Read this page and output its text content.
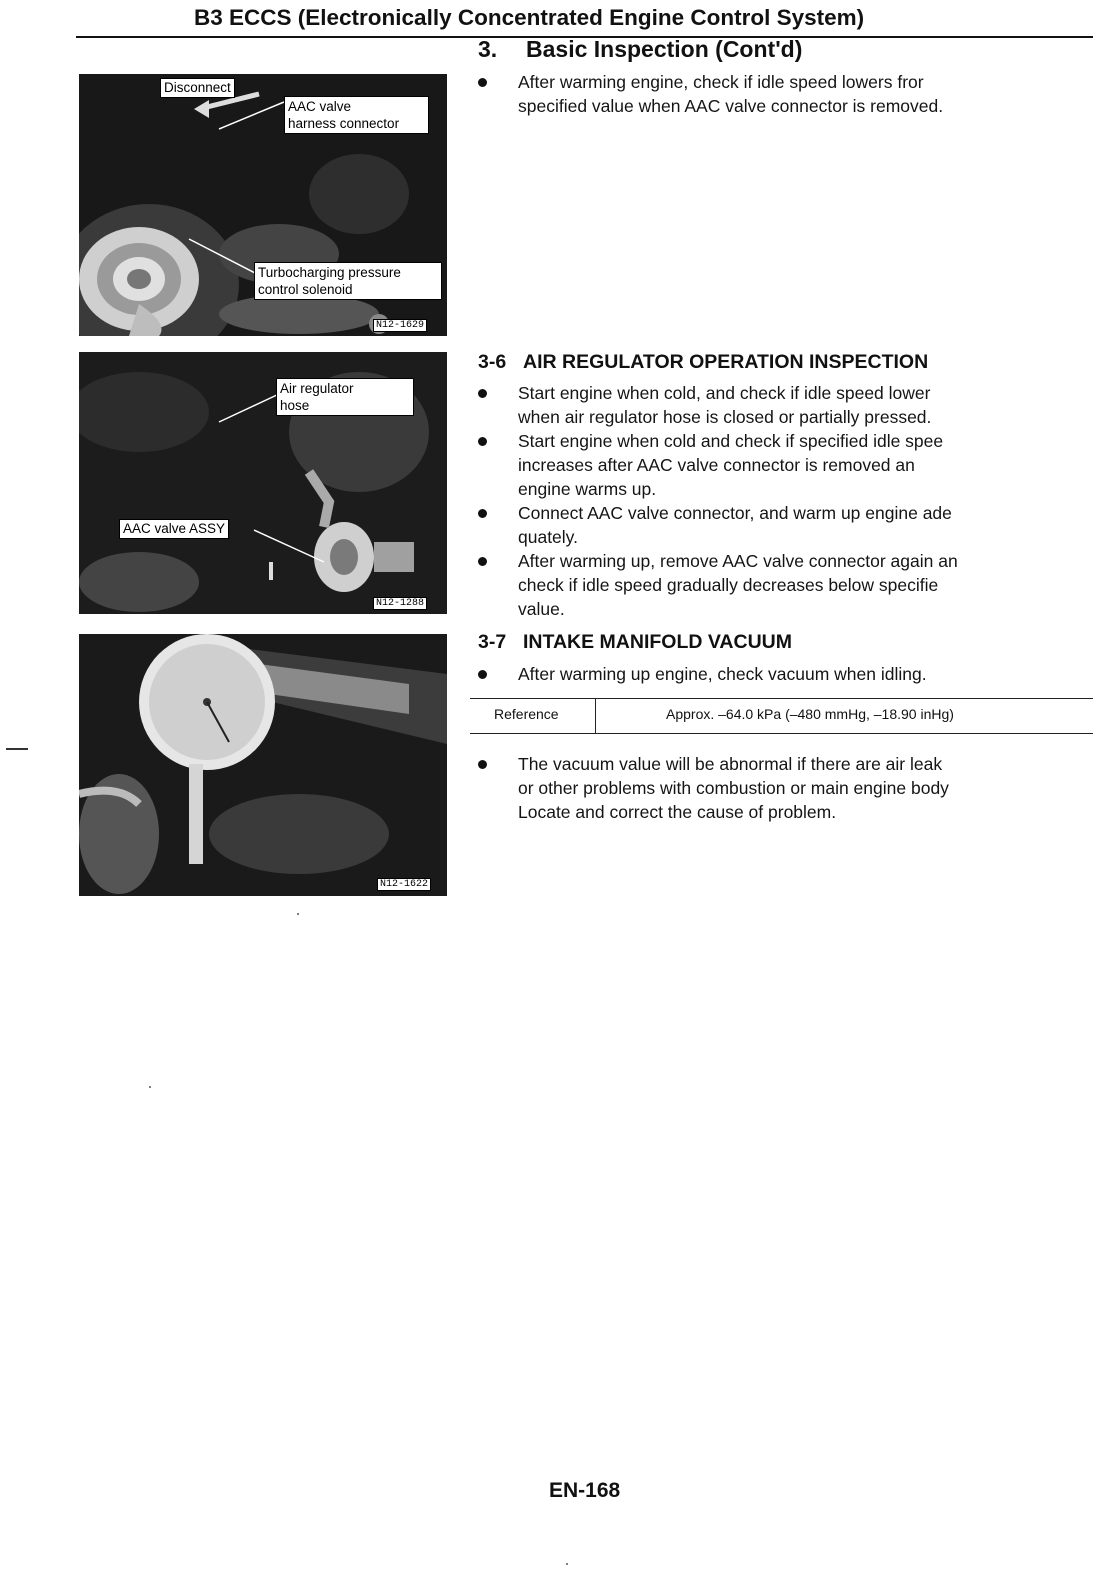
B3 ECCS (Electronically Concentrated Engine Control System)
3. Basic Inspection (Cont'd)
After warming engine, check if idle speed lowers fror
specified value when AAC valve connector is removed.
Disconnect
AAC valve
harness connector
Turbocharging pressure
control solenoid
N12-1629
Air regulator
hose
AAC valve ASSY
N12-1288
N12-1622
3-6 AIR REGULATOR OPERATION INSPECTION
Start engine when cold, and check if idle speed lower
when air regulator hose is closed or partially pressed.
Start engine when cold and check if specified idle spee
increases after AAC valve connector is removed an
engine warms up.
Connect AAC valve connector, and warm up engine ade
quately.
After warming up, remove AAC valve connector again an
check if idle speed gradually decreases below specifie
value.
3-7 INTAKE MANIFOLD VACUUM
After warming up engine, check vacuum when idling.
Reference	Approx. –64.0 kPa (–480 mmHg, –18.90 inHg)
The vacuum value will be abnormal if there are air leak
or other problems with combustion or main engine body
Locate and correct the cause of problem.
EN-168
